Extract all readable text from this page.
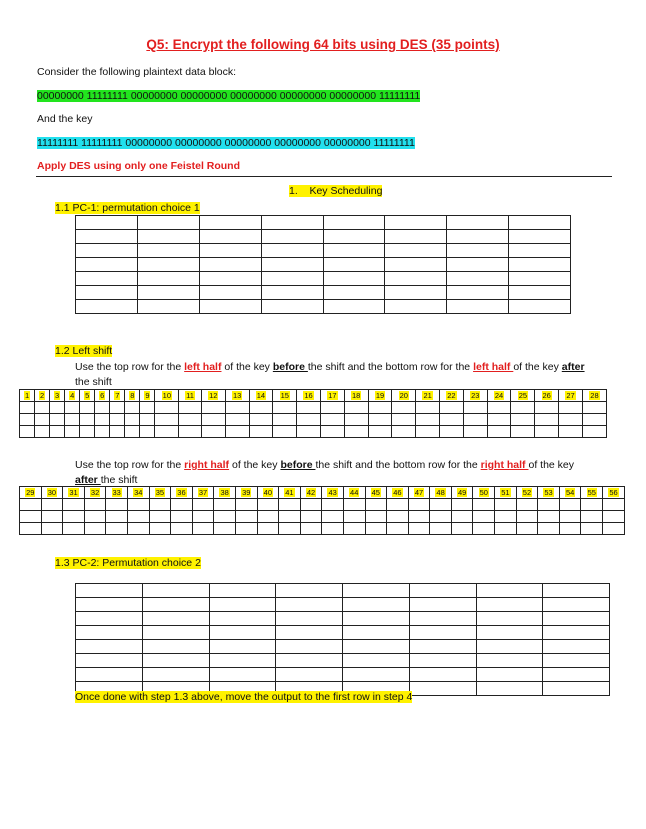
Q5: Encrypt the following 64 bits using DES (35 points)
Consider the following plaintext data block:
00000000 11111111 00000000 00000000 00000000 00000000 00000000 11111111
And the key
11111111 11111111 00000000 00000000 00000000 00000000 00000000 11111111
Apply DES using only one Feistel Round
1. Key Scheduling
1.1 PC-1: permutation choice 1

1.2 Left shift
Use the top row for the left half of the key before the shift and the bottom row for the left half of the key after
the shift
1	2	3	4	5	6	7	8	9	10	11	12	13	14	15	16	17	18	19	20	21	22	23	24	25	26	27	28

Use the top row for the right half of the key before the shift and the bottom row for the right half of the key
after the shift
29	30	31	32	33	34	35	36	37	38	39	40	41	42	43	44	45	46	47	48	49	50	51	52	53	54	55	56

1.3 PC-2: Permutation choice 2

Once done with step 1.3 above, move the output to the first row in step 4
